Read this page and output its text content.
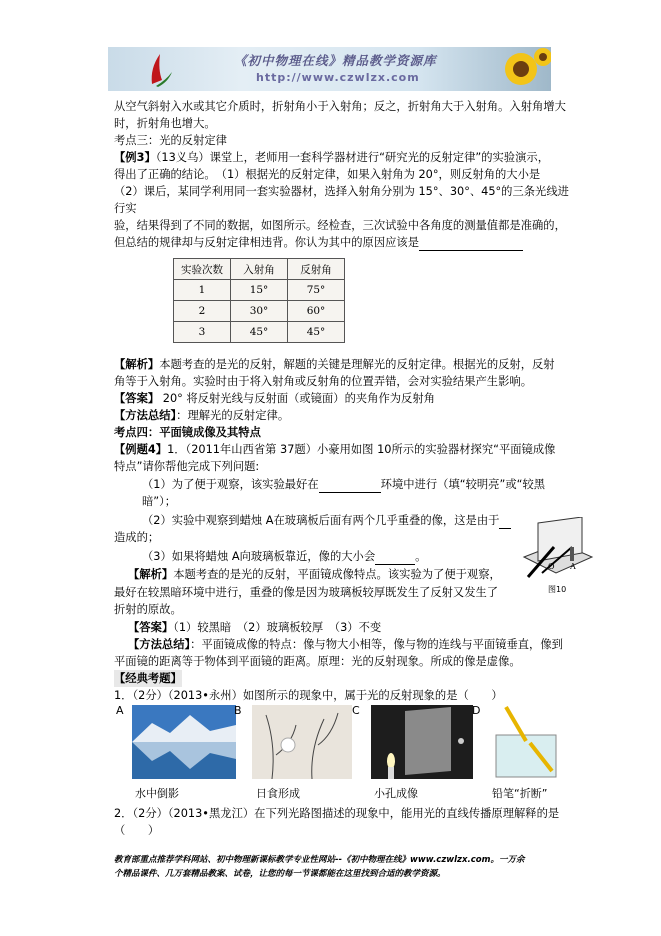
《初中物理在线》精品教学资源库
http://www.czwlzx.com
从空气斜射入水或其它介质时，折射角小于入射角；反之，折射角大于入射角。入射角增大
时，折射角也增大。
考点三：光的反射定律
【例3】（13义乌）课堂上，老师用一套科学器材进行“研究光的反射定律”的实验演示，
得出了正确的结论。　（1）根据光的反射定律，如果入射角为 20°，则反射角的大小是
（2）课后，某同学利用同一套实验器材，选择入射角分别为 15°、30°、45°的三条光线进
行实
验，结果得到了不同的数据，如图所示。经检查，三次试验中各角度的测量值都是准确的，
但总结的规律却与反射定律相违背。你认为其中的原因应该是
实验次数	入射角	反射角
1	15°	75°
2	30°	60°
3	45°	45°
【解析】本题考查的是光的反射，解题的关键是理解光的反射定律。根据光的反射，反射
角等于入射角。实验时由于将入射角或反射角的位置弄错，会对实验结果产生影响。
【答案】 20° 将反射光线与反射面（或镜面）的夹角作为反射角
【方法总结】：理解光的反射定律。
考点四：平面镜成像及其特点
【例题4】1．（2011年山西省第 37题）小豪用如图 10所示的实验器材探究“平面镜成像
特点”请你帮他完成下列问题:
（1）为了便于观察，该实验最好在	环境中进行（填“较明亮”或“较黑
暗”）；
（2）实验中观察到蜡烛 A在玻璃板后面有两个几乎重叠的像，这是由于
造成的；
（3）如果将蜡烛 A向玻璃板靠近，像的大小会	。
O A
图10
【解析】本题考查的是光的反射，平面镜成像特点。该实验为了便于观察，
最好在较黑暗环境中进行，重叠的像是因为玻璃板较厚既发生了反射又发生了
折射的原故。
【答案】（1）较黑暗　（2）玻璃板较厚　（3）不变
【方法总结】：平面镜成像的特点：像与物大小相等，像与物的连线与平面镜垂直，像到
平面镜的距离等于物体到平面镜的距离。原理：光的反射现象。所成的像是虚像。
【经典考题】
1．（2分）（2013•永州）如图所示的现象中，属于光的反射现象的是（　　）
A	B	C	D
水中倒影	日食形成	小孔成像	铅笔“折断”
2．（2分）（2013•黑龙江）在下列光路图描述的现象中，能用光的直线传播原理解释的是
（　　）
教育部重点推荐学科网站、初中物理新课标教学专业性网站--《初中物理在线》www.czwlzx.com。一万余
个精品课件、几万套精品教案、试卷，让您的每一节课都能在这里找到合适的教学资源。
